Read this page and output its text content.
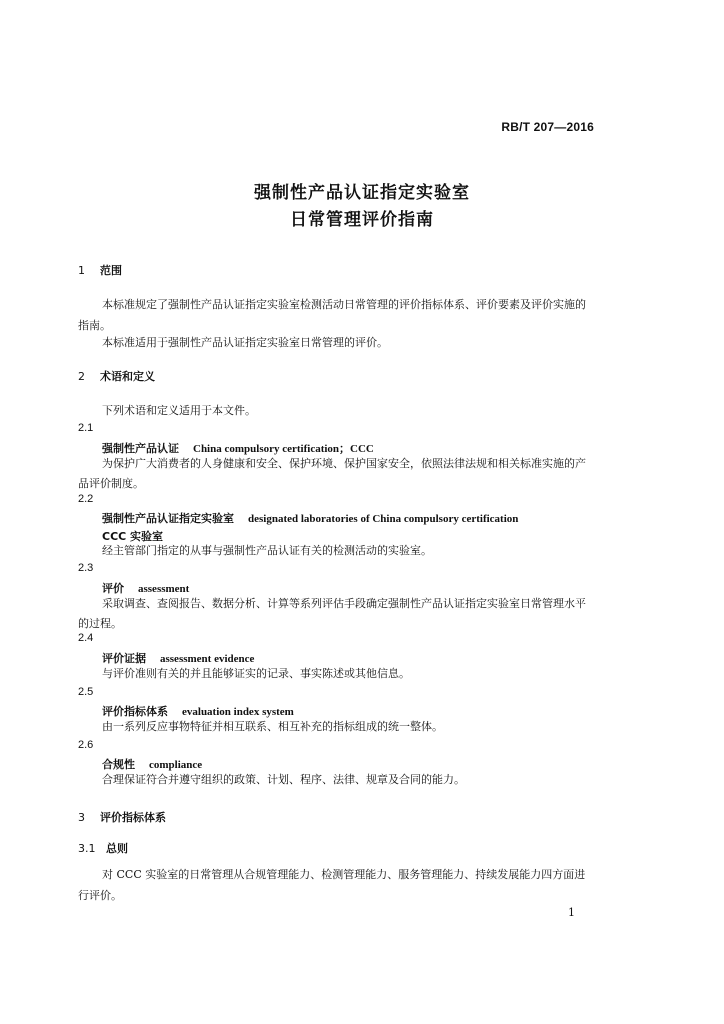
RB/T 207—2016
强制性产品认证指定实验室
日常管理评价指南
1 范围
本标准规定了强制性产品认证指定实验室检测活动日常管理的评价指标体系、评价要素及评价实施的指南。
本标准适用于强制性产品认证指定实验室日常管理的评价。
2 术语和定义
下列术语和定义适用于本文件。
2.1
强制性产品认证 China compulsory certification；CCC
为保护广大消费者的人身健康和安全、保护环境、保护国家安全，依照法律法规和相关标准实施的产品评价制度。
2.2
强制性产品认证指定实验室 designated laboratories of China compulsory certification
CCC 实验室
经主管部门指定的从事与强制性产品认证有关的检测活动的实验室。
2.3
评价 assessment
采取调查、查阅报告、数据分析、计算等系列评估手段确定强制性产品认证指定实验室日常管理水平的过程。
2.4
评价证据 assessment evidence
与评价准则有关的并且能够证实的记录、事实陈述或其他信息。
2.5
评价指标体系 evaluation index system
由一系列反应事物特征并相互联系、相互补充的指标组成的统一整体。
2.6
合规性 compliance
合理保证符合并遵守组织的政策、计划、程序、法律、规章及合同的能力。
3 评价指标体系
3.1 总则
对 CCC 实验室的日常管理从合规管理能力、检测管理能力、服务管理能力、持续发展能力四方面进行评价。
1
